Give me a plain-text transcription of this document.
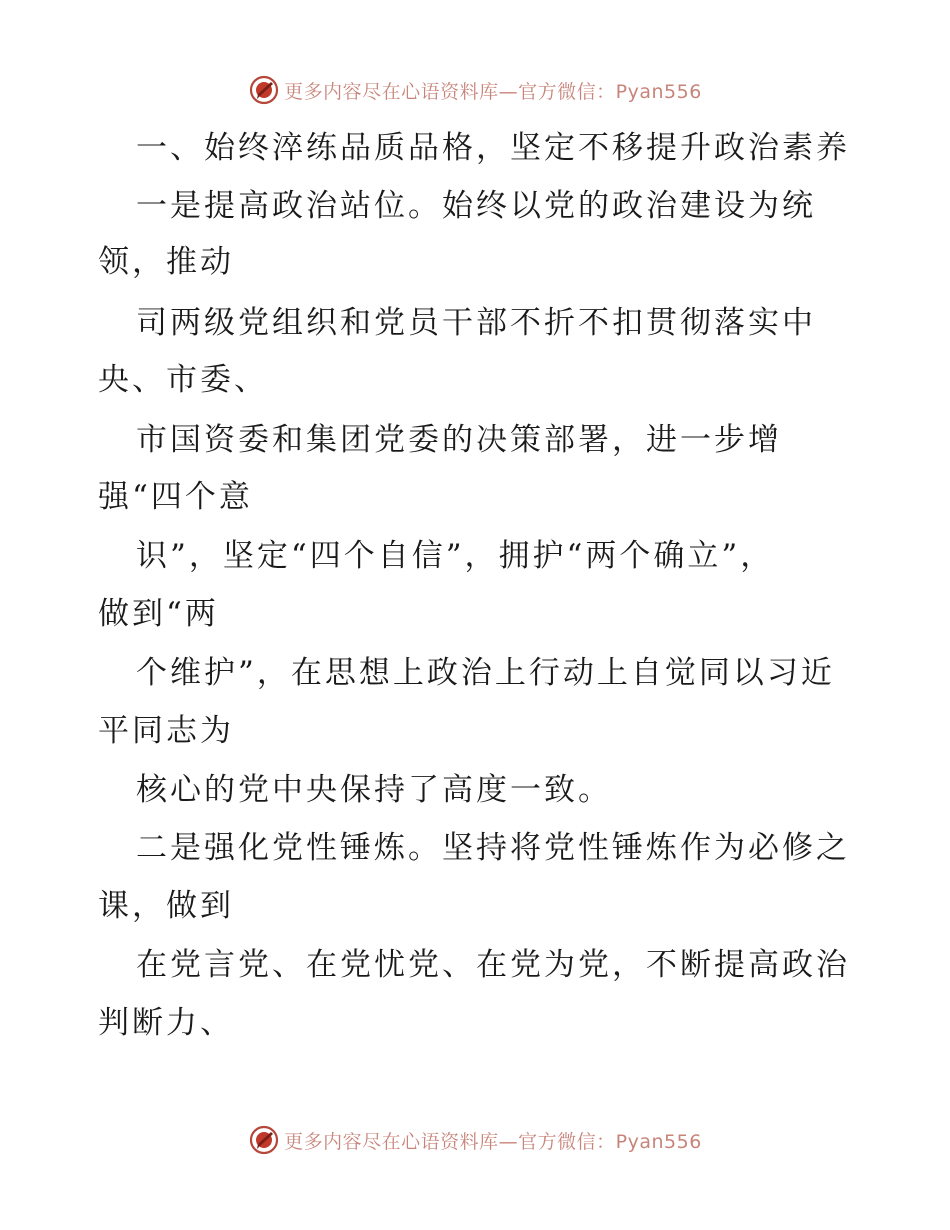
更多内容尽在心语资料库—官方微信：Pyan556
一、始终淬练品质品格，坚定不移提升政治素养
一是提高政治站位。始终以党的政治建设为统
领，推动
司两级党组织和党员干部不折不扣贯彻落实中
央、市委、
市国资委和集团党委的决策部署，进一步增
强“四个意
识”，坚定“四个自信”，拥护“两个确立”，
做到“两
个维护”，在思想上政治上行动上自觉同以习近
平同志为
核心的党中央保持了高度一致。
二是强化党性锤炼。坚持将党性锤炼作为必修之
课，做到
在党言党、在党忧党、在党为党，不断提高政治
判断力、
更多内容尽在心语资料库—官方微信：Pyan556
